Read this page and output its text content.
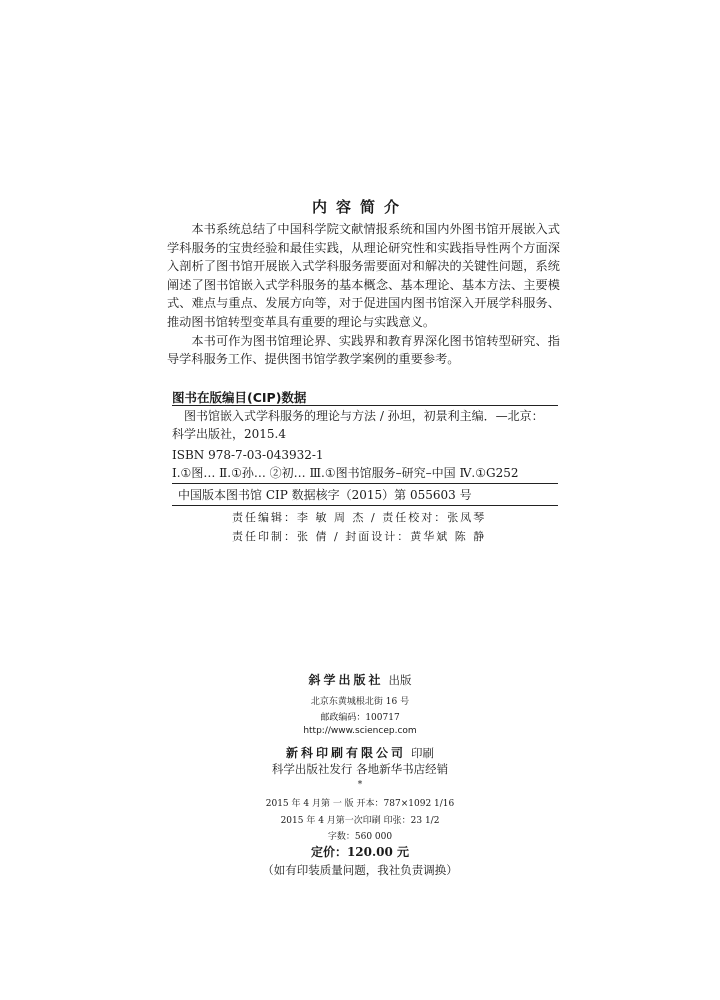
内容简介

本书系统总结了中国科学院文献情报系统和国内外图书馆开展嵌入式学科服务的宝贵经验和最佳实践，从理论研究性和实践指导性两个方面深入剖析了图书馆开展嵌入式学科服务需要面对和解决的关键性问题，系统阐述了图书馆嵌入式学科服务的基本概念、基本理论、基本方法、主要模式、难点与重点、发展方向等，对于促进国内图书馆深入开展学科服务、推动图书馆转型变革具有重要的理论与实践意义。

本书可作为图书馆理论界、实践界和教育界深化图书馆转型研究、指导学科服务工作、提供图书馆学教学案例的重要参考。

图书在版编目(CIP)数据
图书馆嵌入式学科服务的理论与方法 / 孙坦，初景利主编．—北京：
科学出版社，2015.4
ISBN 978-7-03-043932-1
Ⅰ.①图… Ⅱ.①孙… ②初… Ⅲ.①图书馆服务–研究–中国 Ⅳ.①G252
中国版本图书馆 CIP 数据核字（2015）第 055603 号
责任编辑：李 敏 周 杰 / 责任校对：张凤琴
责任印制：张 倩 / 封面设计：黄华斌 陈 静
斜学出版社 出版
北京东黄城根北街 16 号
邮政编码：100717
http://www.sciencep.com
新科印刷有限公司 印刷
科学出版社发行 各地新华书店经销
*
2015 年 4 月第 一 版 开本：787×1092 1/16
2015 年 4 月第一次印刷 印张：23 1/2
字数：560 000
定价：120.00 元
（如有印装质量问题，我社负责调换）
